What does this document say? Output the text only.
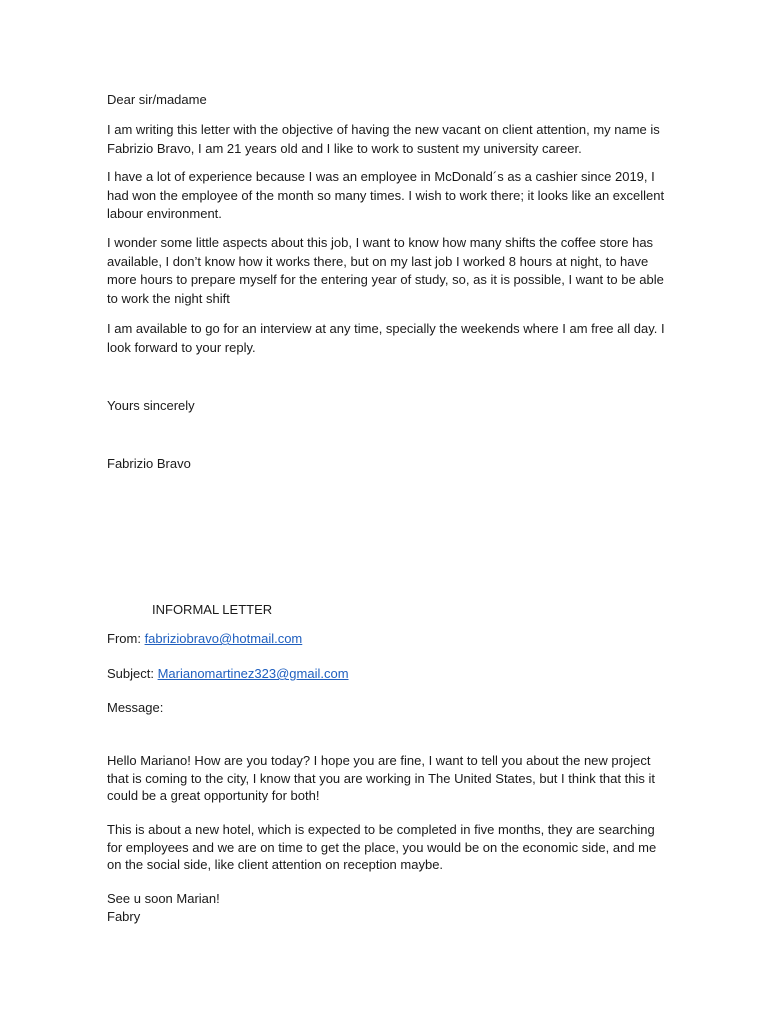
Dear sir/madame

I am writing this letter with the objective of having the new vacant on client attention, my name is Fabrizio Bravo, I am 21 years old and I like to work to sustent my university career.

I have a lot of experience because I was an employee in McDonald´s as a cashier since 2019, I had won the employee of the month so many times. I wish to work there; it looks like an excellent labour environment.

I wonder some little aspects about this job, I want to know how many shifts the coffee store has available, I don’t know how it works there, but on my last job I worked 8 hours at night, to have more hours to prepare myself for the entering year of study, so, as it is possible, I want to be able to work the night shift

I am available to go for an interview at any time, specially the weekends where I am free all day. I look forward to your reply.

Yours sincerely

Fabrizio Bravo

INFORMAL LETTER

From: fabriziobravo@hotmail.com

Subject: Marianomartinez323@gmail.com

Message:

Hello Mariano! How are you today? I hope you are fine, I want to tell you about the new project that is coming to the city, I know that you are working in The United States, but I think that this it could be a great opportunity for both!

This is about a new hotel, which is expected to be completed in five months, they are searching for employees and we are on time to get the place, you would be on the economic side, and me on the social side, like client attention on reception maybe.

See u soon Marian!

Fabry
